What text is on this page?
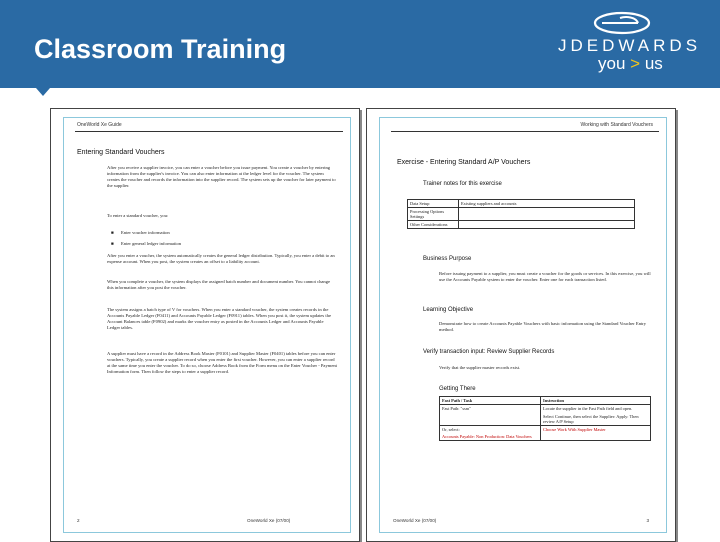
Classroom Training	JDEDWARDS
you > us
OneWorld Xe Guide
Entering Standard Vouchers
After you receive a supplier invoice, you can enter a voucher before you issue payment. You create a voucher by entering information from the supplier's invoice. You can also enter information at the ledger level for the voucher. The system creates the voucher and records the information into the supplier record. The system sets up the voucher for later payment to the supplier.
To enter a standard voucher, you:
■ Enter voucher information
■ Enter general ledger information
After you enter a voucher, the system automatically creates the general ledger distribution. Typically, you enter a debit to an expense account. When you post, the system creates an offset to a liability account.
When you complete a voucher, the system displays the assigned batch number and document number. You cannot change this information after you post the voucher.
The system assigns a batch type of V for vouchers. When you enter a standard voucher, the system creates records in the Accounts Payable Ledger (F0411) and Accounts Payable Ledger (F0911) tables. When you post it, the system updates the Account Balances table (F0902) and marks the voucher entry as posted in the Accounts Ledger and Accounts Payable Ledger tables.
A supplier must have a record in the Address Book Master (F0101) and Supplier Master (F0401) tables before you can enter vouchers. Typically, you create a supplier record when you enter the first voucher. However, you can enter a supplier record at the same time you enter the voucher. To do so, choose Address Book from the Form menu on the Enter Voucher - Payment Information form. Then follow the steps to enter a supplier record.
2	OneWorld Xe (07/00)
Working with Standard Vouchers
Exercise - Entering Standard A/P Vouchers
Trainer notes for this exercise
Data Setup	Existing suppliers and accounts
Processing Options Settings	
Other Considerations	
Business Purpose
Before issuing payment to a supplier, you must create a voucher for the goods or services. In this exercise, you will use the Accounts Payable system to enter the voucher. Enter one for each transaction listed.
Learning Objective
Demonstrate how to create Accounts Payable Vouchers with basic information using the Standard Voucher Entry method.
Verify transaction input: Review Supplier Records
Verify that the supplier master records exist.
Getting There
Fast Path / Task	Instruction
Fast Path: "ssm"	Locate the supplier in the Fast Path field and open.
Select Continue, then select the Supplier: Apply: Then review A/P Setup

Or, select:
Accounts Payable: Non Production: Data Vouchers	Choose Work With Supplier Master
OneWorld Xe (07/00)	3
